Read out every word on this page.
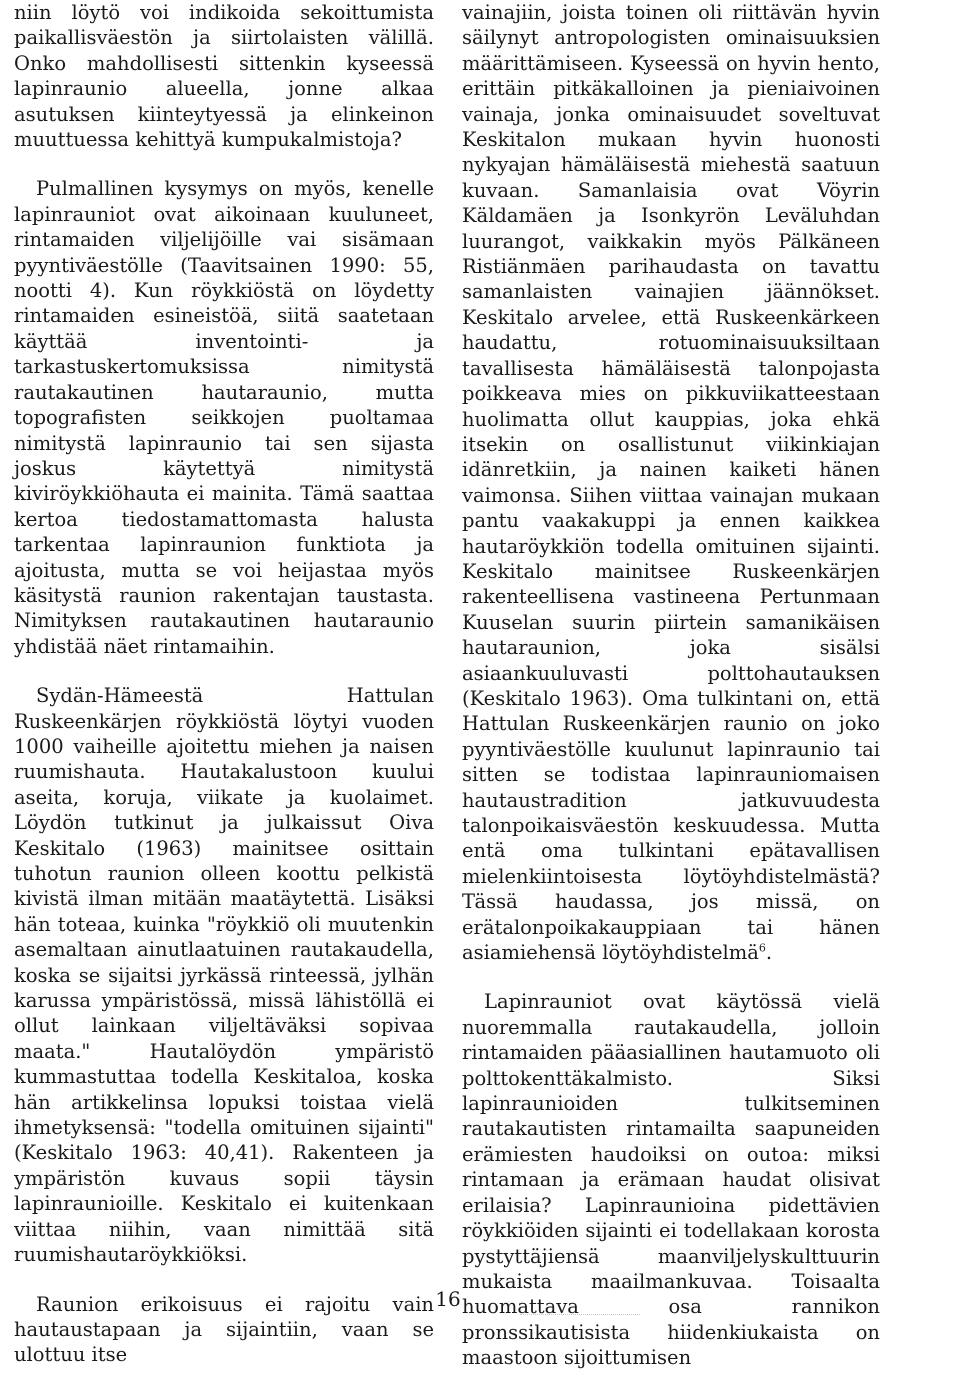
niin löytö voi indikoida sekoittumista paikallisväestön ja siirtolaisten välillä. Onko mahdollisesti sittenkin kyseessä lapinraunio alueella, jonne alkaa asutuksen kiinteytyessä ja elinkeinon muuttuessa kehittyä kumpukalmistoja?

Pulmallinen kysymys on myös, kenelle lapinrauniot ovat aikoinaan kuuluneet, rintamaiden viljelijöille vai sisämaan pyyntiväestölle (Taavitsainen 1990: 55, nootti 4). Kun röykkiöstä on löydetty rintamaiden esineistöä, siitä saatetaan käyttää inventointi- ja tarkastuskertomuksissa nimitystä rautakautinen hautaraunio, mutta topografisten seikkojen puoltamaa nimitystä lapinraunio tai sen sijasta joskus käytettyä nimitystä kiviröykkiöhauta ei mainita. Tämä saattaa kertoa tiedostamattomasta halusta tarkentaa lapinraunion funktiota ja ajoitusta, mutta se voi heijastaa myös käsitystä raunion rakentajan taustasta. Nimityksen rautakautinen hautaraunio yhdistää näet rintamaihin.

Sydän-Hämeestä Hattulan Ruskeenkärjen röykkiöstä löytyi vuoden 1000 vaiheille ajoitettu miehen ja naisen ruumishauta. Hautakalustoon kuului aseita, koruja, viikate ja kuolaimet. Löydön tutkinut ja julkaissut Oiva Keskitalo (1963) mainitsee osittain tuhotun raunion olleen koottu pelkistä kivistä ilman mitään maatäytettä. Lisäksi hän toteaa, kuinka "röykkiö oli muutenkin asemaltaan ainutlaatuinen rautakaudella, koska se sijaitsi jyrkässä rinteessä, jylhän karussa ympäristössä, missä lähistöllä ei ollut lainkaan viljeltäväksi sopivaa maata." Hautalöydön ympäristö kummastuttaa todella Keskitaloa, koska hän artikkelinsa lopuksi toistaa vielä ihmetyksensä: "todella omituinen sijainti" (Keskitalo 1963: 40,41). Rakenteen ja ympäristön kuvaus sopii täysin lapinraunioille. Keskitalo ei kuitenkaan viittaa niihin, vaan nimittää sitä ruumishautaröykkiöksi.

Raunion erikoisuus ei rajoitu vain hautaustapaan ja sijaintiin, vaan se ulottuu itse

vainajiin, joista toinen oli riittävän hyvin säilynyt antropologisten ominaisuuksien määrittämiseen. Kyseessä on hyvin hento, erittäin pitkäkalloinen ja pieniaivoinen vainaja, jonka ominaisuudet soveltuvat Keskitalon mukaan hyvin huonosti nykyajan hämäläisestä miehestä saatuun kuvaan. Samanlaisia ovat Vöyrin Käldamäen ja Isonkyrön Leväluhdan luurangot, vaikkakin myös Pälkäneen Ristiänmäen parihaudasta on tavattu samanlaisten vainajien jäännökset. Keskitalo arvelee, että Ruskeenkärkeen haudattu, rotuominaisuuksiltaan tavallisesta hämäläisestä talonpojasta poikkeava mies on pikkuviikatteestaan huolimatta ollut kauppias, joka ehkä itsekin on osallistunut viikinkiajan idänretkiin, ja nainen kaiketi hänen vaimonsa. Siihen viittaa vainajan mukaan pantu vaakakuppi ja ennen kaikkea hautaröykkiön todella omituinen sijainti. Keskitalo mainitsee Ruskeenkärjen rakenteellisena vastineena Pertunmaan Kuuselan suurin piirtein samanikäisen hautaraunion, joka sisälsi asiaankuuluvasti polttohautauksen (Keskitalo 1963). Oma tulkintani on, että Hattulan Ruskeenkärjen raunio on joko pyyntiväestölle kuulunut lapinraunio tai sitten se todistaa lapinrauniomaisen hautaustradition jatkuvuudesta talonpoikaisväestön keskuudessa. Mutta entä oma tulkintani epätavallisen mielenkiintoisesta löytöyhdistelmästä? Tässä haudassa, jos missä, on erätalonpoikakauppiaan tai hänen asiamiehensä löytöyhdistelmä$^6$.

Lapinrauniot ovat käytössä vielä nuoremmalla rautakaudella, jolloin rintamaiden pääasiallinen hautamuoto oli polttokenttäkalmisto. Siksi lapinraunioiden tulkitseminen rautakautisten rintamailta saapuneiden erämiesten haudoiksi on outoa: miksi rintamaan ja erämaan haudat olisivat erilaisia? Lapinraunioina pidettävien röykkiöiden sijainti ei todellakaan korosta pystyttäjiensä maanviljelyskulttuurin mukaista maailmankuvaa. Toisaalta huomattava osa rannikon pronssikautisista hiidenkiukaista on maastoon sijoittumisen

16
